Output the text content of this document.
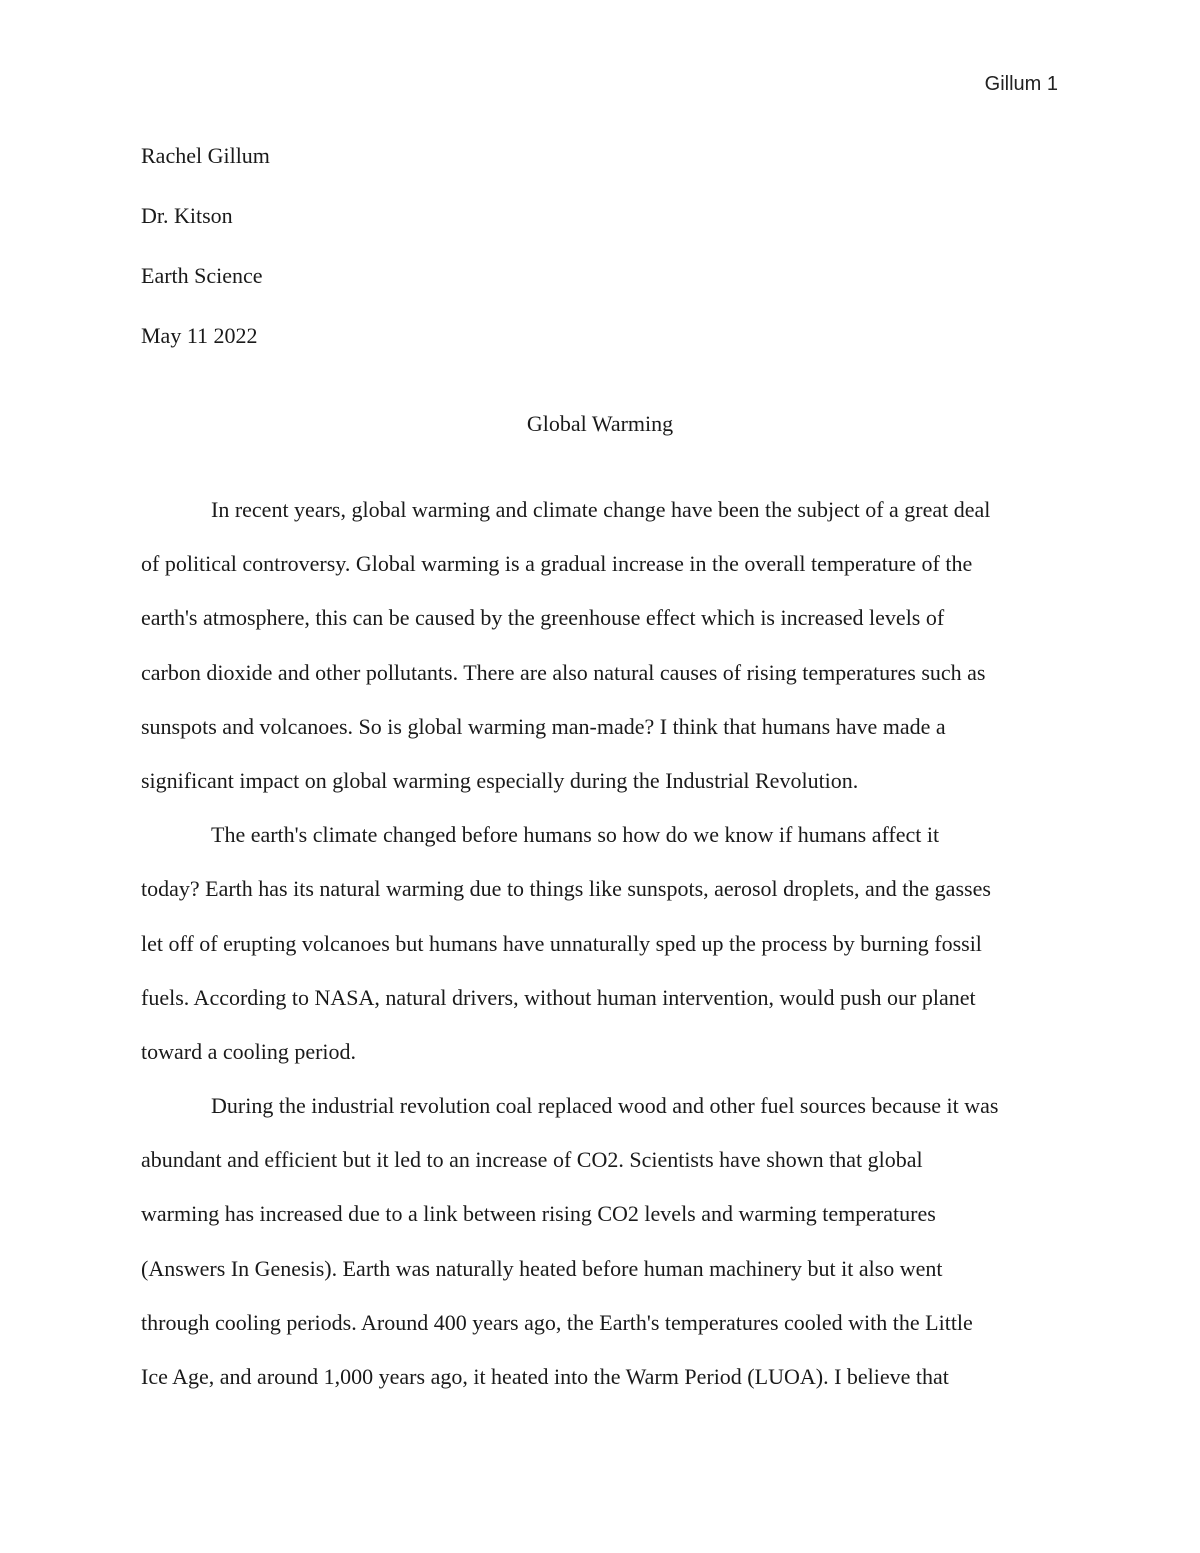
Gillum 1
Rachel Gillum
Dr. Kitson
Earth Science
May 11 2022
Global Warming
In recent years, global warming and climate change have been the subject of a great deal
of political controversy. Global warming is a gradual increase in the overall temperature of the
earth's atmosphere, this can be caused by the greenhouse effect which is increased levels of
carbon dioxide and other pollutants. There are also natural causes of rising temperatures such as
sunspots and volcanoes. So is global warming man-made? I think that humans have made a
significant impact on global warming especially during the Industrial Revolution.
The earth's climate changed before humans so how do we know if humans affect it
today? Earth has its natural warming due to things like sunspots, aerosol droplets, and the gasses
let off of erupting volcanoes but humans have unnaturally sped up the process by burning fossil
fuels. According to NASA, natural drivers, without human intervention, would push our planet
toward a cooling period.
During the industrial revolution coal replaced wood and other fuel sources because it was
abundant and efficient but it led to an increase of CO2. Scientists have shown that global
warming has increased due to a link between rising CO2 levels and warming temperatures
(Answers In Genesis). Earth was naturally heated before human machinery but it also went
through cooling periods. Around 400 years ago, the Earth's temperatures cooled with the Little
Ice Age, and around 1,000 years ago, it heated into the Warm Period (LUOA). I believe that
